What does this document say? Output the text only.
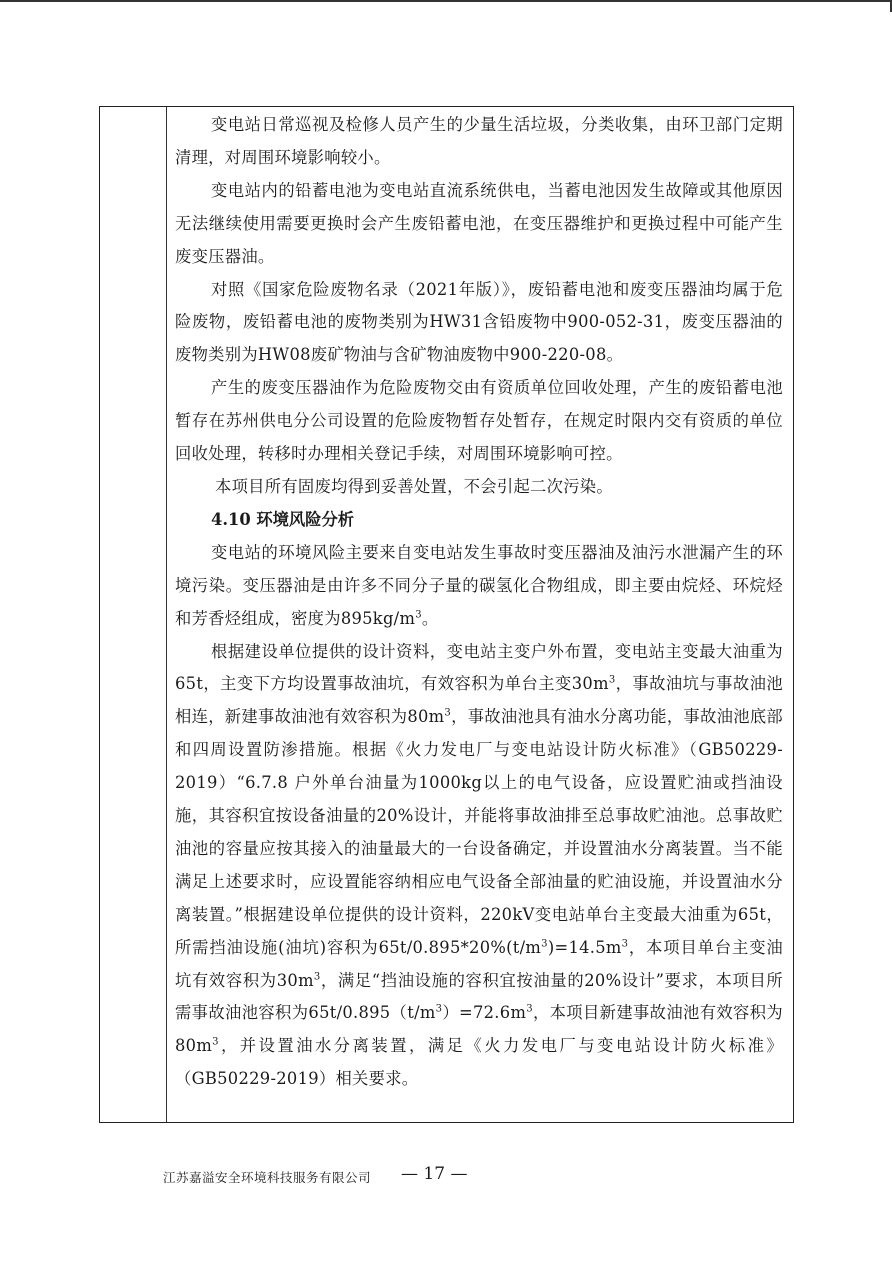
变电站日常巡视及检修人员产生的少量生活垃圾，分类收集，由环卫部门定期清理，对周围环境影响较小。

变电站内的铅蓄电池为变电站直流系统供电，当蓄电池因发生故障或其他原因无法继续使用需要更换时会产生废铅蓄电池，在变压器维护和更换过程中可能产生废变压器油。

对照《国家危险废物名录（2021年版）》，废铅蓄电池和废变压器油均属于危险废物，废铅蓄电池的废物类别为HW31含铅废物中900-052-31，废变压器油的废物类别为HW08废矿物油与含矿物油废物中900-220-08。

产生的废变压器油作为危险废物交由有资质单位回收处理，产生的废铅蓄电池暂存在苏州供电分公司设置的危险废物暂存处暂存，在规定时限内交有资质的单位回收处理，转移时办理相关登记手续，对周围环境影响可控。

本项目所有固废均得到妥善处置，不会引起二次污染。

4.10 环境风险分析

变电站的环境风险主要来自变电站发生事故时变压器油及油污水泄漏产生的环境污染。变压器油是由许多不同分子量的碳氢化合物组成，即主要由烷烃、环烷烃和芳香烃组成，密度为$895kg/m^3$。

根据建设单位提供的设计资料，变电站主变户外布置，变电站主变最大油重为65t，主变下方均设置事故油坑，有效容积为单台主变$30m^3$，事故油坑与事故油池相连，新建事故油池有效容积为$80m^3$，事故油池具有油水分离功能，事故油池底部和四周设置防渗措施。根据《火力发电厂与变电站设计防火标准》（GB50229-2019）“6.7.8 户外单台油量为1000kg以上的电气设备，应设置贮油或挡油设施，其容积宜按设备油量的20%设计，并能将事故油排至总事故贮油池。总事故贮油池的容量应按其接入的油量最大的一台设备确定，并设置油水分离装置。当不能满足上述要求时，应设置能容纳相应电气设备全部油量的贮油设施，并设置油水分离装置。”根据建设单位提供的设计资料，220kV变电站单台主变最大油重为65t，所需挡油设施(油坑)容积为$65t/0.895*20\%(t/m^3)=14.5m^3$，本项目单台主变油坑有效容积为$30m^3$，满足“挡油设施的容积宜按油量的20%设计”要求，本项目所需事故油池容积为$65t/0.895(t/m^3)=72.6m^3$，本项目新建事故油池有效容积为$80m^3$，并设置油水分离装置，满足《火力发电厂与变电站设计防火标准》（GB50229-2019）相关要求。

江苏嘉溢安全环境科技服务有限公司 — 17 —
